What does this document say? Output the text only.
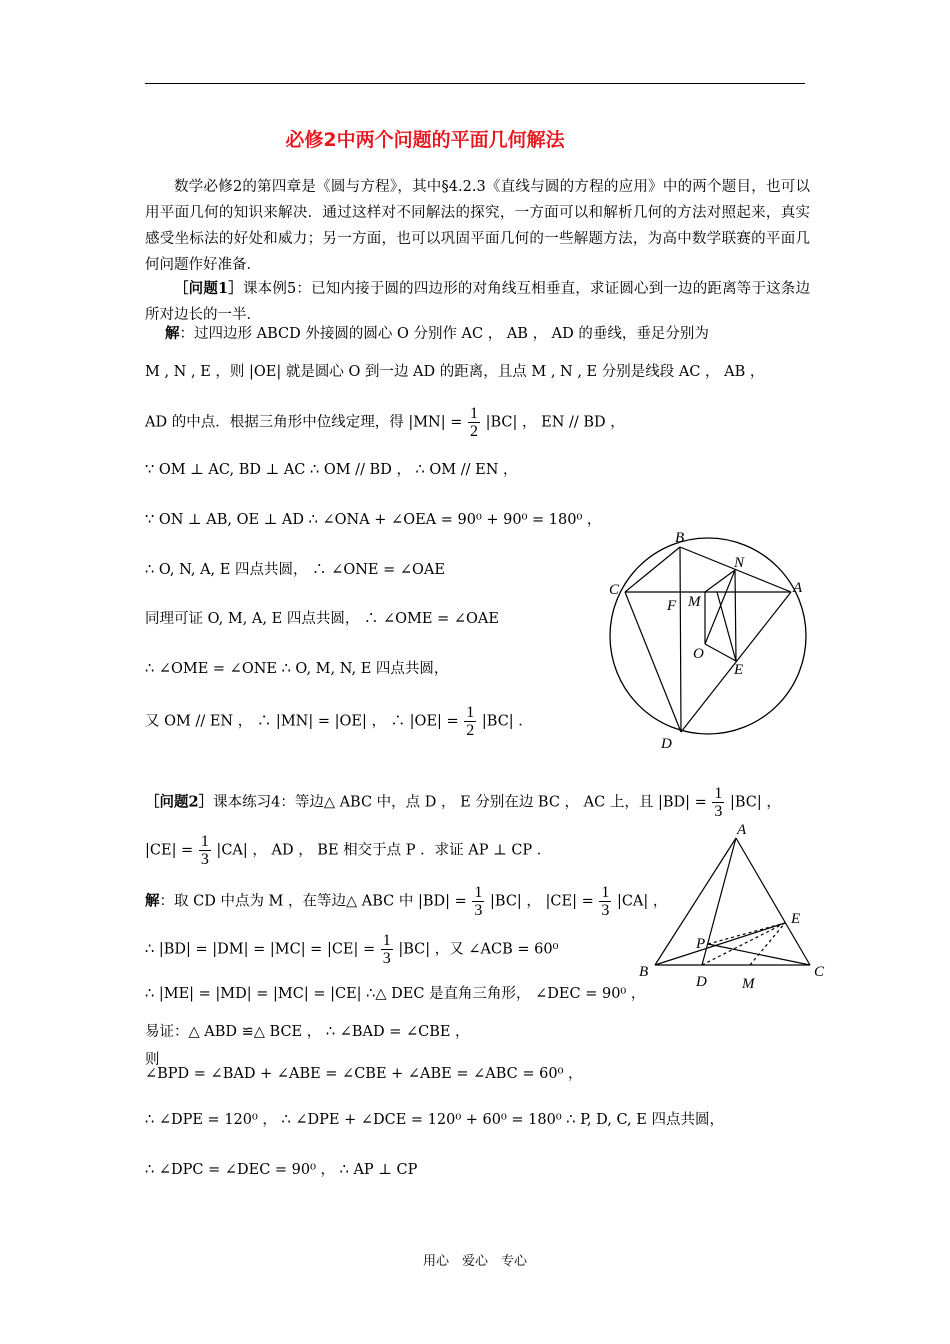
必修2中两个问题的平面几何解法
数学必修2的第四章是《圆与方程》，其中§4.2.3《直线与圆的方程的应用》中的两个题目，也可以用平面几何的知识来解决．通过这样对不同解法的探究，一方面可以和解析几何的方法对照起来，真实感受坐标法的好处和威力；另一方面，也可以巩固平面几何的一些解题方法，为高中数学联赛的平面几何问题作好准备．
［问题1］课本例5：已知内接于圆的四边形的对角线互相垂直，求证圆心到一边的距离等于这条边所对边长的一半．
解：过四边形 ABCD 外接圆的圆心 O 分别作 AC ， AB ， AD 的垂线，垂足分别为
M , N , E ，则 |OE| 就是圆心 O 到一边 AD 的距离，且点 M , N , E 分别是线段 AC ， AB ，
AD 的中点．根据三角形中位线定理，得 $|MN| = \frac{1}{2} |BC|$ ， EN // BD ，
∵ OM ⊥ AC, BD ⊥ AC ∴ OM // BD ， ∴ OM // EN ，
∵ ON ⊥ AB, OE ⊥ AD ∴ ∠ONA + ∠OEA = 90⁰ + 90⁰ = 180⁰ ，
∴ O, N, A, E 四点共圆， ∴ ∠ONE = ∠OAE
同理可证 O, M, A, E 四点共圆， ∴ ∠OME = ∠OAE
∴ ∠OME = ∠ONE ∴ O, M, N, E 四点共圆，
又 OM // EN ， ∴ |MN| = |OE| ， ∴ $|OE| = \frac{1}{2} |BC|$ ．
B
N
C	A
F M
O
E
D
［问题2］课本练习4：等边△ ABC 中，点 D ， E 分别在边 BC ， AC 上，且 $|BD| = \frac{1}{3} |BC|$ ，
$|CE| = \frac{1}{3} |CA|$ ， AD ， BE 相交于点 P ．求证 AP ⊥ CP ．
解：取 CD 中点为 M ，在等边△ ABC 中 $|BD| = \frac{1}{3} |BC|$ ， $|CE| = \frac{1}{3} |CA|$ ，
∴ $|BD| = |DM| = |MC| = |CE| = \frac{1}{3} |BC|$ ，又 ∠ACB = 60⁰
∴ |ME| = |MD| = |MC| = |CE| ∴△ DEC 是直角三角形， ∠DEC = 90⁰ ，
易证：△ ABD ≌△ BCE ， ∴ ∠BAD = ∠CBE ，
则
∠BPD = ∠BAD + ∠ABE = ∠CBE + ∠ABE = ∠ABC = 60⁰ ，
∴ ∠DPE = 120⁰ ， ∴ ∠DPE + ∠DCE = 120⁰ + 60⁰ = 180⁰ ∴ P, D, C, E 四点共圆，
∴ ∠DPC = ∠DEC = 90⁰ ， ∴ AP ⊥ CP
A
E
P
B	C
D M
用心　爱心　专心
